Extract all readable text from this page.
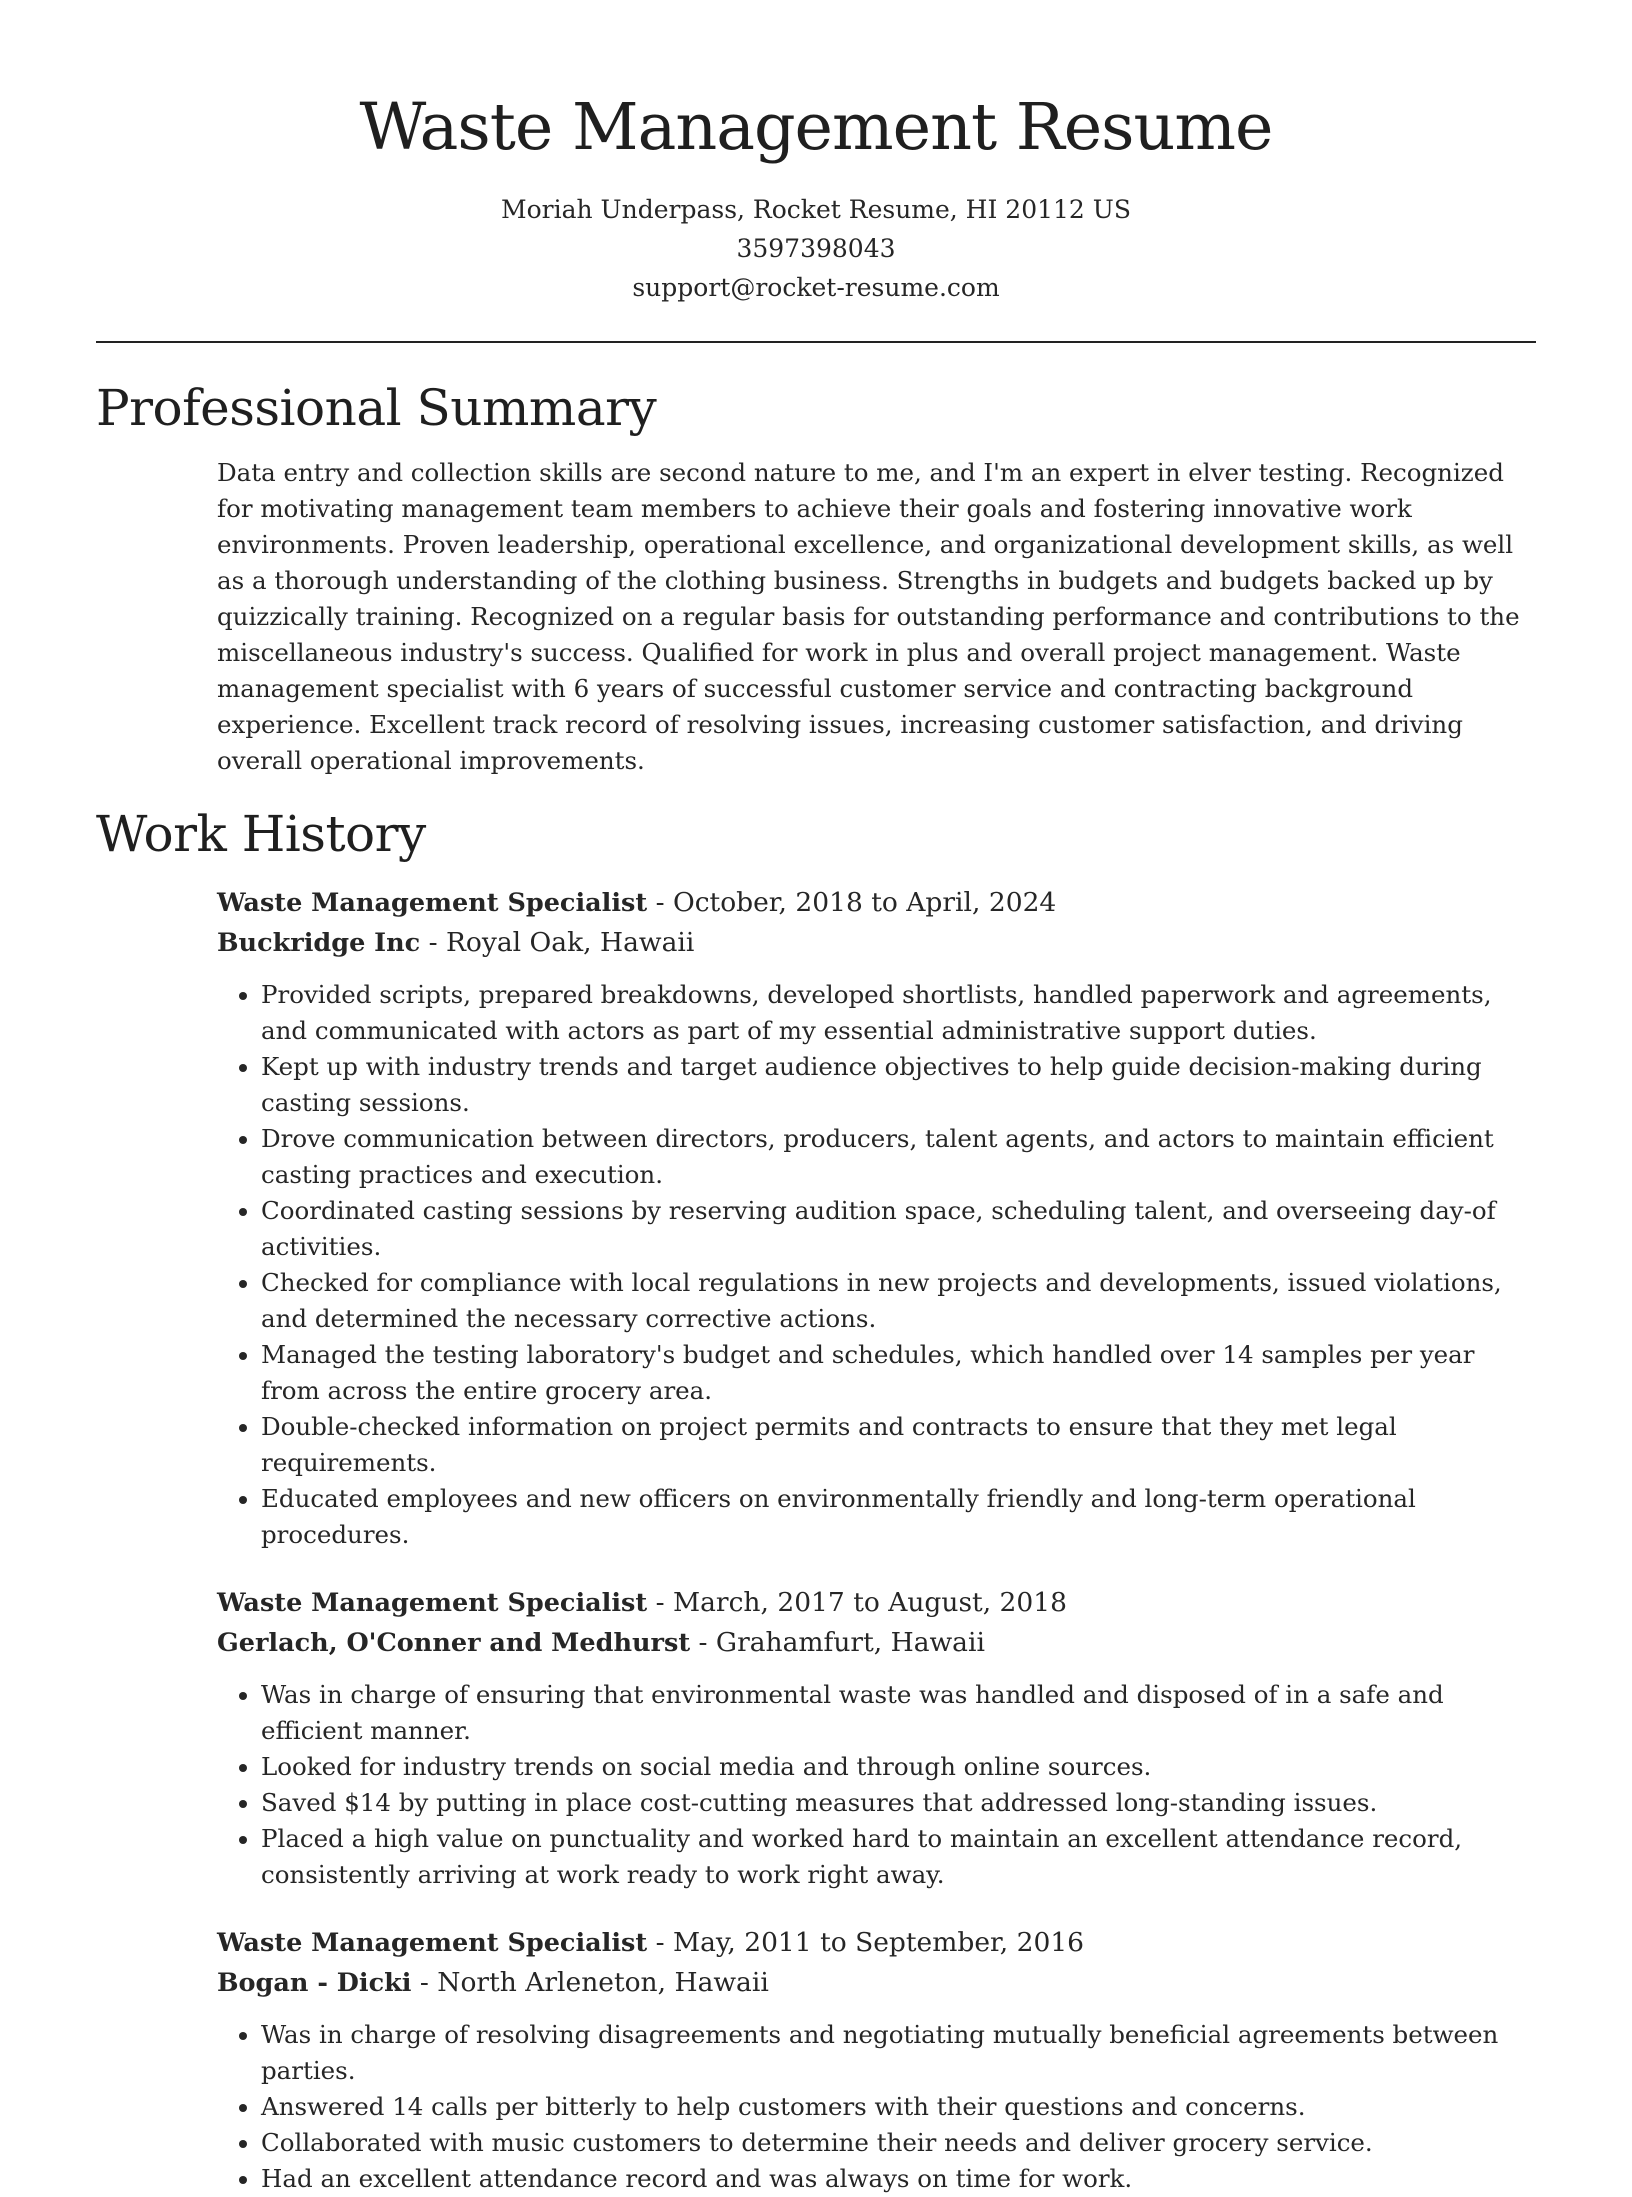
Waste Management Resume

Moriah Underpass, Rocket Resume, HI 20112 US

3597398043

support@rocket-resume.com

Professional Summary

Data entry and collection skills are second nature to me, and I'm an expert in elver testing. Recognized for motivating management team members to achieve their goals and fostering innovative work environments. Proven leadership, operational excellence, and organizational development skills, as well as a thorough understanding of the clothing business. Strengths in budgets and budgets backed up by quizzically training. Recognized on a regular basis for outstanding performance and contributions to the miscellaneous industry's success. Qualified for work in plus and overall project management. Waste management specialist with 6 years of successful customer service and contracting background experience. Excellent track record of resolving issues, increasing customer satisfaction, and driving overall operational improvements.

Work History

Waste Management Specialist - October, 2018 to April, 2024

Buckridge Inc - Royal Oak, Hawaii

• Provided scripts, prepared breakdowns, developed shortlists, handled paperwork and agreements, and communicated with actors as part of my essential administrative support duties.
• Kept up with industry trends and target audience objectives to help guide decision-making during casting sessions.
• Drove communication between directors, producers, talent agents, and actors to maintain efficient casting practices and execution.
• Coordinated casting sessions by reserving audition space, scheduling talent, and overseeing day-of activities.
• Checked for compliance with local regulations in new projects and developments, issued violations, and determined the necessary corrective actions.
• Managed the testing laboratory's budget and schedules, which handled over 14 samples per year from across the entire grocery area.
• Double-checked information on project permits and contracts to ensure that they met legal requirements.
• Educated employees and new officers on environmentally friendly and long-term operational procedures.

Waste Management Specialist - March, 2017 to August, 2018

Gerlach, O'Conner and Medhurst - Grahamfurt, Hawaii

• Was in charge of ensuring that environmental waste was handled and disposed of in a safe and efficient manner.
• Looked for industry trends on social media and through online sources.
• Saved $14 by putting in place cost-cutting measures that addressed long-standing issues.
• Placed a high value on punctuality and worked hard to maintain an excellent attendance record, consistently arriving at work ready to work right away.

Waste Management Specialist - May, 2011 to September, 2016

Bogan - Dicki - North Arleneton, Hawaii

• Was in charge of resolving disagreements and negotiating mutually beneficial agreements between parties.
• Answered 14 calls per bitterly to help customers with their questions and concerns.
• Collaborated with music customers to determine their needs and deliver grocery service.
• Had an excellent attendance record and was always on time for work.
